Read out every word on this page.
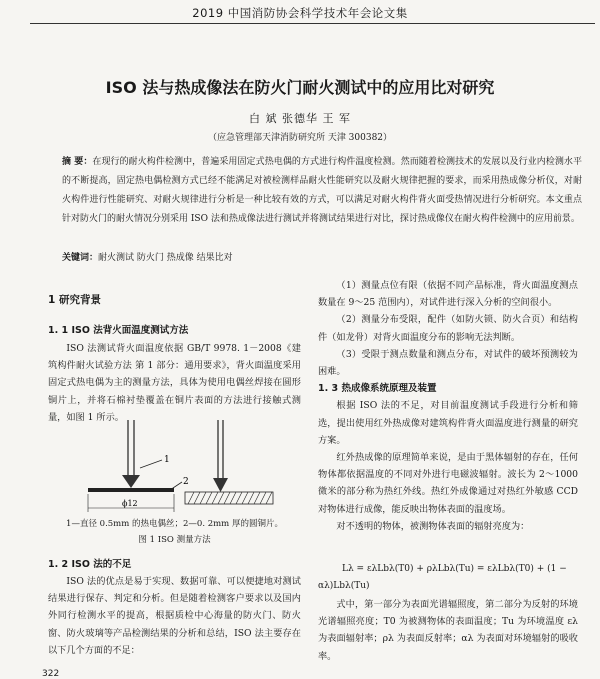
2019 中国消防协会科学技术年会论文集
ISO 法与热成像法在防火门耐火测试中的应用比对研究
白 斌 张德华 王 军
（应急管理部天津消防研究所 天津 300382）
摘 要：在现行的耐火构件检测中，普遍采用固定式热电偶的方式进行构件温度检测。然而随着检测技术的发展以及行业内检测水平的不断提高，固定热电偶检测方式已经不能满足对被检测样品耐火性能研究以及耐火规律把握的要求，而采用热成像分析仪，对耐火构件进行性能研究、对耐火规律进行分析是一种比较有效的方式，可以满足对耐火构件背火面受热情况进行分析研究。本文重点针对防火门的耐火情况分别采用 ISO 法和热成像法进行测试并将测试结果进行对比，探讨热成像仪在耐火构件检测中的应用前景。
关键词：耐火测试 防火门 热成像 结果比对
1 研究背景
1. 1 ISO 法背火面温度测试方法

ISO 法测试背火面温度依据 GB/T 9978. 1－2008《建筑构件耐火试验方法 第 1 部分：通用要求》，背火面温度采用固定式热电偶为主的测量方法，具体为使用电偶丝焊接在圆形铜片上，并将石棉衬垫覆盖在铜片表面的方法进行接触式测量，如图 1 所示。

1
2
ϕ12
1—直径 0.5mm 的热电偶丝；2—0. 2mm 厚的圆铜片。
图 1 ISO 测量方法
1. 2 ISO 法的不足

ISO 法的优点是易于实现、数据可靠、可以便捷地对测试结果进行保存、判定和分析。但是随着检测客户要求以及国内外同行检测水平的提高，根据质检中心海量的防火门、防火窗、防火玻璃等产品检测结果的分析和总结，ISO 法主要存在以下几个方面的不足：

（1）测量点位有限（依据不同产品标准，背火面温度测点数量在 9～25 范围内），对试件进行深入分析的空间很小。

（2）测量分布受限，配件（如防火锁、防火合页）和结构件（如龙骨）对背火面温度分布的影响无法判断。

（3）受限于测点数量和测点分布，对试件的破坏预测较为困难。

1. 3 热成像系统原理及装置

根据 ISO 法的不足，对目前温度测试手段进行分析和筛选，提出使用红外热成像对建筑构件背火面温度进行测量的研究方案。

红外热成像的原理简单来说，是由于黑体辐射的存在，任何物体都依据温度的不同对外进行电磁波辐射。波长为 2～1000 微米的部分称为热红外线。热红外成像通过对热红外敏感 CCD 对物体进行成像，能反映出物体表面的温度场。

对不透明的物体，被测物体表面的辐射亮度为：

Lλ = ελLbλ(T0) + ρλLbλ(Tu) = ελLbλ(T0) + (1 −
αλ)Lbλ(Tu)

式中，第一部分为表面光谱辐照度，第二部分为反射的环境光谱辐照亮度；T0 为被测物体的表面温度；Tu 为环境温度 ελ 为表面辐射率；ρλ 为表面反射率；αλ 为表面对环境辐射的吸收率。

322
